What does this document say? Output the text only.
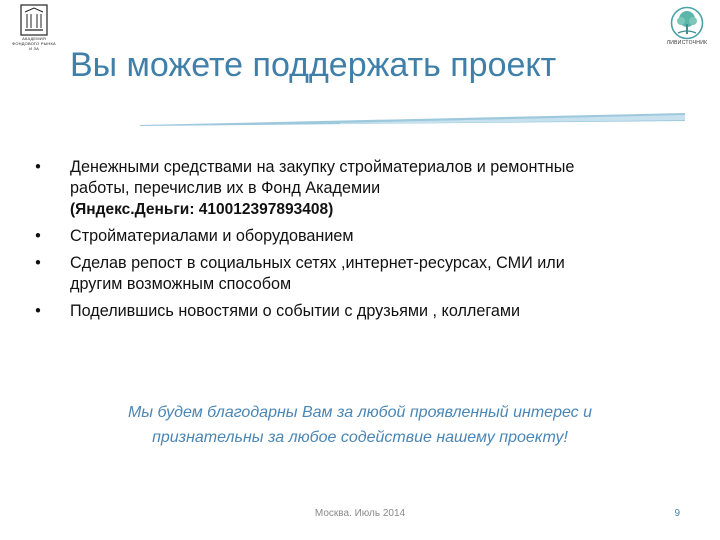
АКАДЕМИЯ
ФОНДОВОГО РЫНКА
И ЗА
ЛИВИСТОЧНИК
Вы можете поддержать проект
•	Денежными средствами на закупку стройматериалов и ремонтные
работы, перечислив их в Фонд Академии
(Яндекс.Деньги: 410012397893408)
•	Стройматериалами и оборудованием
•	Сделав репост в социальных сетях ,интернет-ресурсах, СМИ или
другим возможным способом
•	Поделившись новостями о событии с друзьями , коллегами
Мы будем благодарны Вам за любой проявленный интерес и
признательны за любое содействие нашему проекту!
Москва. Июль 2014	9
